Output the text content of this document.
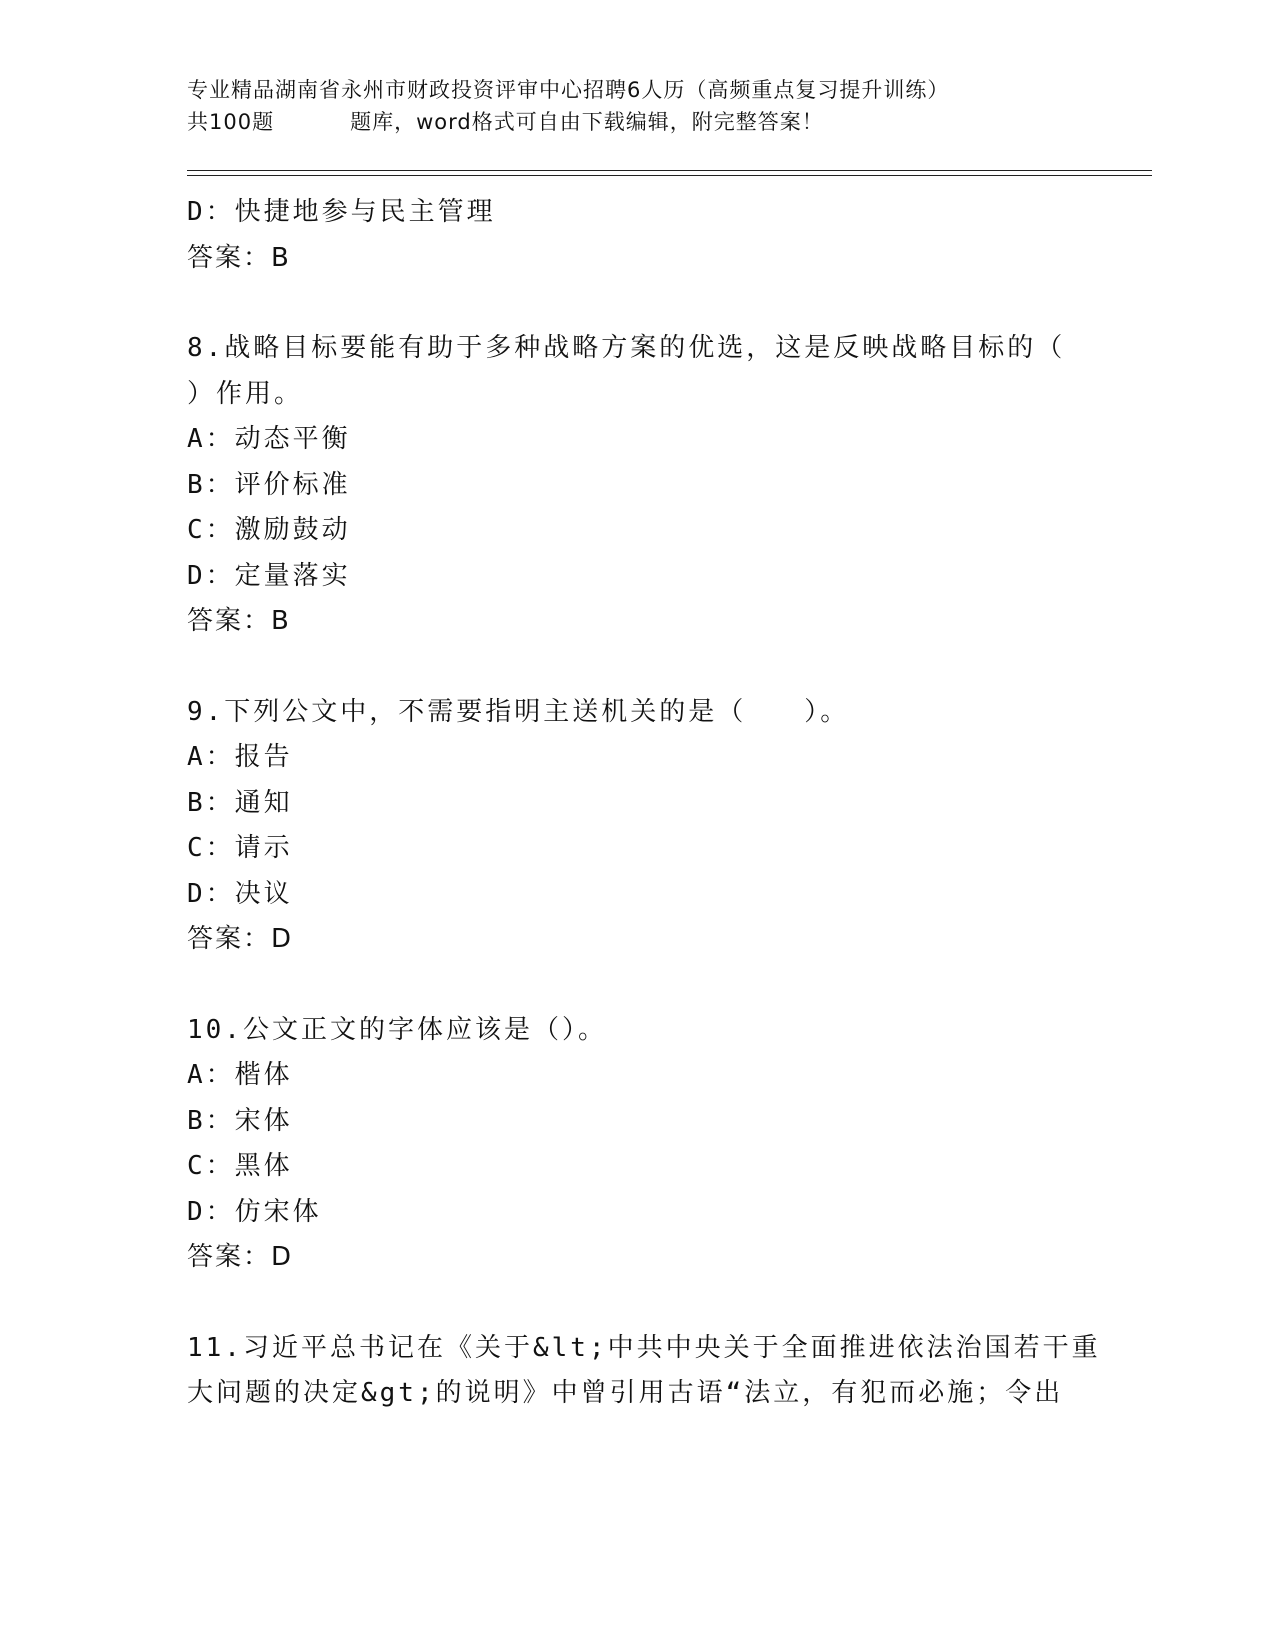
专业精品湖南省永州市财政投资评审中心招聘6人历（高频重点复习提升训练）
共100题	题库，word格式可自由下载编辑，附完整答案！
D：快捷地参与民主管理
答案：B
8.战略目标要能有助于多种战略方案的优选，这是反映战略目标的（
）作用。
A：动态平衡
B：评价标准
C：激励鼓动
D：定量落实
答案：B
9.下列公文中，不需要指明主送机关的是（　　）。
A：报告
B：通知
C：请示
D：决议
答案：D
10.公文正文的字体应该是（）。
A：楷体
B：宋体
C：黑体
D：仿宋体
答案：D
11.习近平总书记在《关于&lt;中共中央关于全面推进依法治国若干重
大问题的决定&gt;的说明》中曾引用古语“法立，有犯而必施；令出
